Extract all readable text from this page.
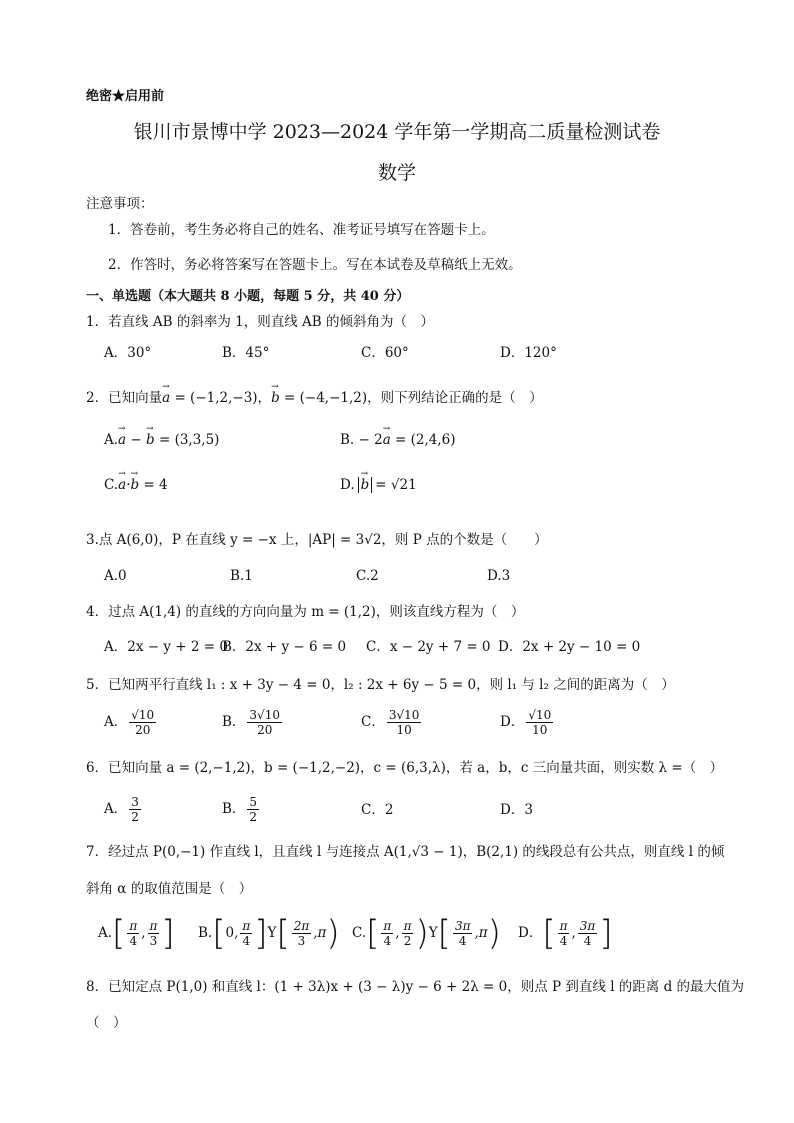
绝密★启用前
银川市景博中学 2023—2024 学年第一学期高二质量检测试卷
数学
注意事项：
1．答卷前，考生务必将自己的姓名、准考证号填写在答题卡上。
2．作答时，务必将答案写在答题卡上。写在本试卷及草稿纸上无效。
一、单选题（本大题共 8 小题，每题 5 分，共 40 分）
1．若直线 AB 的斜率为 1，则直线 AB 的倾斜角为（　）
A．30°	B．45°	C．60°	D．120°
2．已知向量→ a = (−1,2,−3)，→ b = (−4,−1,2)，则下列结论正确的是（　）
A.→ a − → b = (3,3,5)	B. − 2→ a = (2,4,6)
C.→ a·→ b = 4	D.→ b = √21
3.点 A(6,0)，P 在直线 y = −x 上，|AP| = 3√2，则 P 点的个数是（　　）
A.0	B.1	C.2	D.3
4．过点 A(1,4) 的直线的方向向量为 m = (1,2)，则该直线方程为（　）
A．2x − y + 2 = 0
B．2x + y − 6 = 0 C．x − 2y + 7 = 0 D．2x + 2y − 10 = 0
5．已知两平行直线 l₁ : x + 3y − 4 = 0，l₂ : 2x + 6y − 5 = 0，则 l₁ 与 l₂ 之间的距离为（　）
A． $\frac{√10}{20}$	B． $\frac{3√10}{20}$	C． $\frac{3√10}{10}$	D． $\frac{√10}{10}$
6．已知向量 a = (2,−1,2)，b = (−1,2,−2)，c = (6,3,λ)，若 a，b，c 三向量共面，则实数 λ =（　）
A． $\frac{3}{2}$	B． $\frac{5}{2}$	C．2	D．3
7．经过点 P(0,−1) 作直线 l，且直线 l 与连接点 A(1,√3 − 1)，B(2,1) 的线段总有公共点，则直线 l 的倾
斜角 α 的取值范围是（　）
$A.[ \frac{\pi}{4}$ , $\frac{\pi}{3}$ ] B.[0, $\frac{\pi}{4} ]Y[ \frac{2\pi}{3} ,\pi)$ $C.[ \frac{\pi}{4}$ , $\frac{\pi}{2} )Y[ \frac{3\pi}{4} ,\pi)$ D．[ $\frac{\pi}{4}$ , $\frac{3\pi}{4}$ ]
8．已知定点 P(1,0) 和直线 l：(1 + 3λ)x + (3 − λ)y − 6 + 2λ = 0，则点 P 到直线 l 的距离 d 的最大值为
（　）
